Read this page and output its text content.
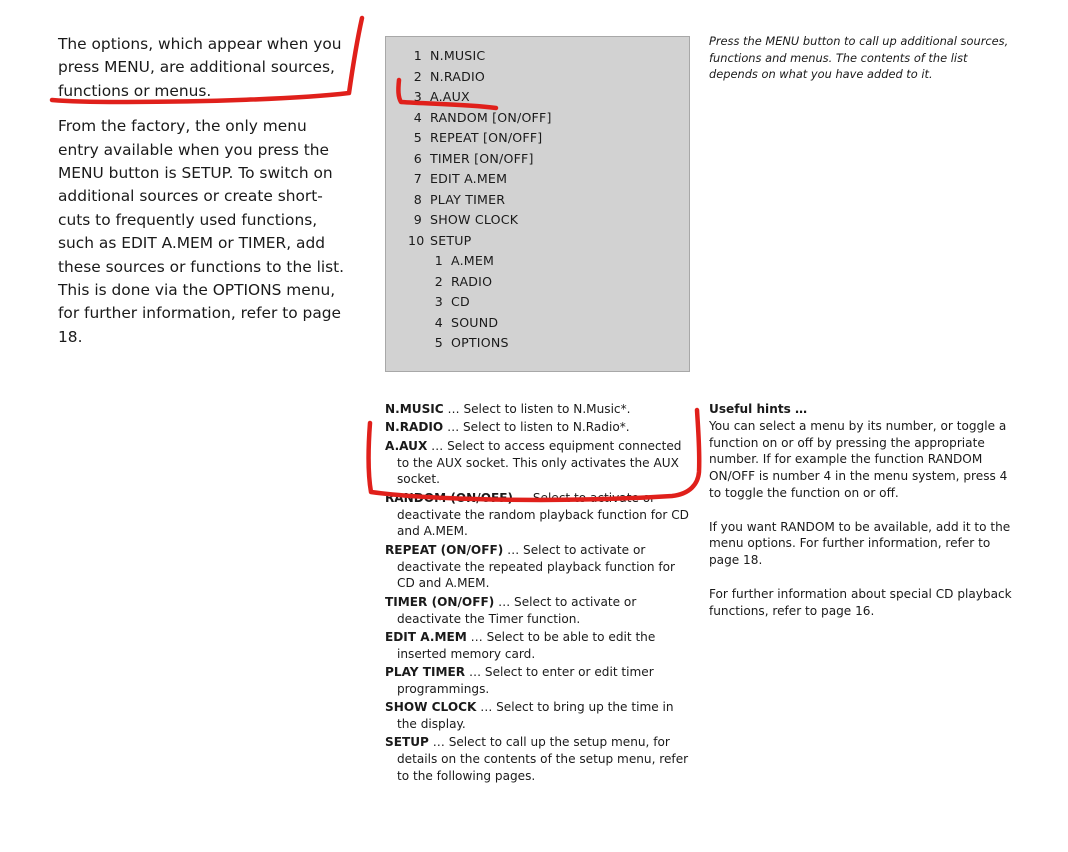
The options, which appear when you press MENU, are additional sources, functions or menus.

From the factory, the only menu entry available when you press the MENU button is SETUP. To switch on additional sources or create short-cuts to frequently used functions, such as EDIT A.MEM or TIMER, add these sources or functions to the list. This is done via the OPTIONS menu, for further information, refer to page 18.

1 N.MUSIC
2 N.RADIO
3 A.AUX
4 RANDOM [ON/OFF]
5 REPEAT [ON/OFF]
6 TIMER [ON/OFF]
7 EDIT A.MEM
8 PLAY TIMER
9 SHOW CLOCK
10 SETUP
1 A.MEM
2 RADIO
3 CD
4 SOUND
5 OPTIONS

Press the MENU button to call up additional sources, functions and menus. The contents of the list depends on what you have added to it.

N.MUSIC … Select to listen to N.Music*.

N.RADIO … Select to listen to N.Radio*.

A.AUX … Select to access equipment connected to the AUX socket. This only activates the AUX socket.

RANDOM (ON/OFF) … Select to activate or deactivate the random playback function for CD and A.MEM.

REPEAT (ON/OFF) … Select to activate or deactivate the repeated playback function for CD and A.MEM.

TIMER (ON/OFF) … Select to activate or deactivate the Timer function.

EDIT A.MEM … Select to be able to edit the inserted memory card.

PLAY TIMER … Select to enter or edit timer programmings.

SHOW CLOCK … Select to bring up the time in the display.

SETUP … Select to call up the setup menu, for details on the contents of the setup menu, refer to the following pages.

Useful hints …

You can select a menu by its number, or toggle a function on or off by pressing the appropriate number. If for example the function RANDOM ON/OFF is number 4 in the menu system, press 4 to toggle the function on or off.

If you want RANDOM to be available, add it to the menu options. For further information, refer to page 18.

For further information about special CD playback functions, refer to page 16.
